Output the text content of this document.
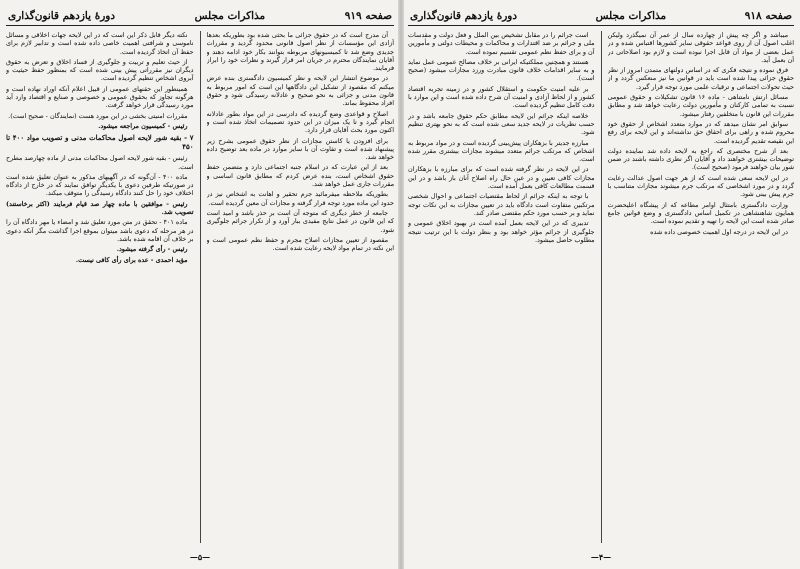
صفحه ۹۱۹
مذاکرات مجلس
دورهٔ یازدهم قانون‌گذاری

آن مدرج است که در حقوق جزائی ما بحثی شده بود بطوریکه بعدها آزادی این مؤسسات از نظر اصول قانونی محدود گردید و مقررات جدیدی وضع شد تا کمیسیونهای مربوطه بتوانند بکار خود ادامه دهند و آقایان نمایندگان محترم در جریان امر قرار گیرند و نظرات خود را ابراز فرمایند.

در موضوع انتشار این لایحه و نظر کمیسیون دادگستری بنده عرض میکنم که مقصود از تشکیل این دادگاهها این است که امور مربوط به قانون مدنی و جزائی به نحو صحیح و عادلانه رسیدگی شود و حقوق افراد محفوظ بماند.

اصلاح و قواعدی وضع گردیده که دادرسی در این مواد بطور عادلانه انجام گیرد و تا یک میزان در این حدود تصمیمات اتخاذ شده است و اکنون مورد بحث آقایان قرار دارد.

برای افزودن یا کاستن مجازات از نظر حقوق عمومی بشرح زیر پیشنهاد شده است و تفاوت آن با سایر موارد در ماده بعد توضیح داده خواهد شد.

بعد از این عبارت که در اسلام جنبه اجتماعی دارد و متضمن حفظ حقوق اشخاص است، بنده عرض کردم که مطابق قانون اساسی و مقررات جاری عمل خواهد شد.

بطوریکه ملاحظه میفرمائید جرم تحقیر و اهانت به اشخاص نیز در حدود این ماده مورد توجه قرار گرفته و مجازات آن معین گردیده است.

جامعه از خطر دیگری که متوجه آن است بر حذر باشد و امید است که این قانون در عمل نتایج مفیدی ببار آورد و از تکرار جرائم جلوگیری شود.

مقصود از تعیین مجازات اصلاح مجرم و حفظ نظم عمومی است و این نکته در تمام مواد لایحه رعایت شده است.

نکته دیگر قابل ذکر این است که در این لایحه جهات اخلاقی و مسائل ناموسی و شرافتی اهمیت خاصی داده شده است و تدابیر لازم برای حفظ آن اتخاذ گردیده است.

از حیث تعلیم و تربیت و جلوگیری از فساد اخلاق و تعرض به حقوق دیگران نیز مقرراتی پیش بینی شده است که بمنظور حفظ حیثیت و آبروی اشخاص تنظیم گردیده است.

همینطور این حقنهای عمومی از قبیل اعلام آنکه اوراد نهاده است و هرگونه تجاوز که بحقوق عمومی و خصوصی و صنایع و اقتصاد وارد آید مورد رسیدگی قرار خواهد گرفت.

مقررات امنیتی بخشی در این مورد هست (نمایندگان - صحیح است).

رئیس - کمیسیون مراجعه میشود.

۷ - بقیه شور لایحه اصول محاکمات مدنی و تصویب مواد ۴۰۰ تا ۴۵۰

رئیس - بقیه شور لایحه اصول محاکمات مدنی از ماده چهارصد مطرح است.

ماده ۴۰۰ - آن‌گونه که در آگهیهای مذکور به عنوان تعلیق شده است در صورتیکه طرفین دعوی با یکدیگر توافق نمایند که در خارج از دادگاه اختلاف خود را حل کنند دادگاه رسیدگی را متوقف میکند.

رئیس - موافقین با ماده چهار صد قیام فرمایند (اکثر برخاستند) تصویب شد.

ماده ۴۰۱ - تحقق در متن مورد تعلیق شد و امضاء یا مهر دادگاه آن را در هر مرحله که دعوی باشد میتوان بموقع اجرا گذاشت مگر آنکه دعوی بر خلاف آن اقامه شده باشد.

رئیس - رأی گرفته میشود.

مؤید احمدی - عده برای رأی کافی نیست.

—۵—
صفحه ۹۱۸
مذاکرات مجلس
دورهٔ یازدهم قانون‌گذاری

میباشد و اگر چه پیش از چهارده سال از عمر آن نمیگذرد ولیکن اغلب اصول آن از روی قواعد حقوقی سایر کشورها اقتباس شده و در عمل بعضی از مواد آن قابل اجرا نبوده است و لازم بود اصلاحاتی در آن بعمل آید.

فرق نموده و نتیجه فکری که در اساس دولتهای متمدن امروز از نظر حقوق جزائی پیدا شده است باید در قوانین ما نیز منعکس گردد و از حیث تحولات اجتماعی و ترقیات علمی مورد توجه قرار گیرد.

مسائل ارتش نامتناهی - ماده ۱۶ قانون تشکیلات و حقوق عمومی نسبت به تمامی کارکنان و مأمورین دولت رعایت خواهد شد و مطابق مقررات این قانون با متخلفین رفتار میشود.

سوابق امر نشان میدهد که در موارد متعدد اشخاص از حقوق خود محروم شده و راهی برای احقاق حق نداشته‌اند و این لایحه برای رفع این نقیصه تقدیم گردیده است.

بعد از شرح مختصری که راجع به لایحه داده شد نماینده دولت توضیحات بیشتری خواهند داد و آقایان اگر نظری داشته باشند در ضمن شور بیان خواهند فرمود (صحیح است).

در این لایحه سعی شده است که از هر جهت اصول عدالت رعایت گردد و در مورد اشخاصی که مرتکب جرم میشوند مجازات متناسب با جرم پیش بینی شود.

وزارت دادگستری بامتثال اوامر مطاعه که از پیشگاه اعلیحضرت همایون شاهنشاهی در تکمیل اساس دادگستری و وضع قوانین جامع صادر شده است این لایحه را تهیه و تقدیم نموده است.

در این لایحه در درجه اول اهمیت خصوصی داده شده

است جرائم را در مقابل تشخیص بین الملل و فعل دولت و مقدسات ملی و جرائم بر ضد اقتدارات و محاکمات و محیطات دولتی و مأمورین آن و برای حفظ نظم عمومی تقسیم نموده است.

هستند و همچنین مملکتیکه ایرانی بر خلاف مصالح عمومی عمل نماید و به سایر اقدامات خلاف قانون مبادرت ورزد مجازات میشود (صحیح است).

بر علیه امنیت حکومت و استقلال کشور و در زمینه تجربه اقتصاد کشور و از لحاظ آزادی و امنیت آن شرح داده شده است و این موارد با دقت کامل تنظیم گردیده است.

خلاصه اینکه جرائم این لایحه مطابق حکم حقوق جامعه باشد و در حسب نظریات در لایحه جدید سعی شده است که به نحو بهتری تنظیم شود.

مبارزه جدیتر با بزهکاران پیش‌بینی گردیده است و در مواد مربوط به اشخاص که مرتکب جرائم متعدد میشوند مجازات بیشتری مقرر شده است.

در این لایحه در نظر گرفته شده است که برای مبارزه با بزهکاران مجازات کافی تعیین و در عین حال راه اصلاح آنان باز باشد و در این قسمت مطالعات کافی بعمل آمده است.

با توجه به اینکه جرائم از لحاظ مقتضیات اجتماعی و احوال شخصی مرتکبین متفاوت است دادگاه باید در تعیین مجازات به این نکات توجه نماید و بر حسب مورد حکم مقتضی صادر کند.

تدبیری که در این لایحه بعمل آمده است در بهبود اخلاق عمومی و جلوگیری از جرائم مؤثر خواهد بود و بنظر دولت با این ترتیب نتیجه مطلوب حاصل میشود.

—۴—
